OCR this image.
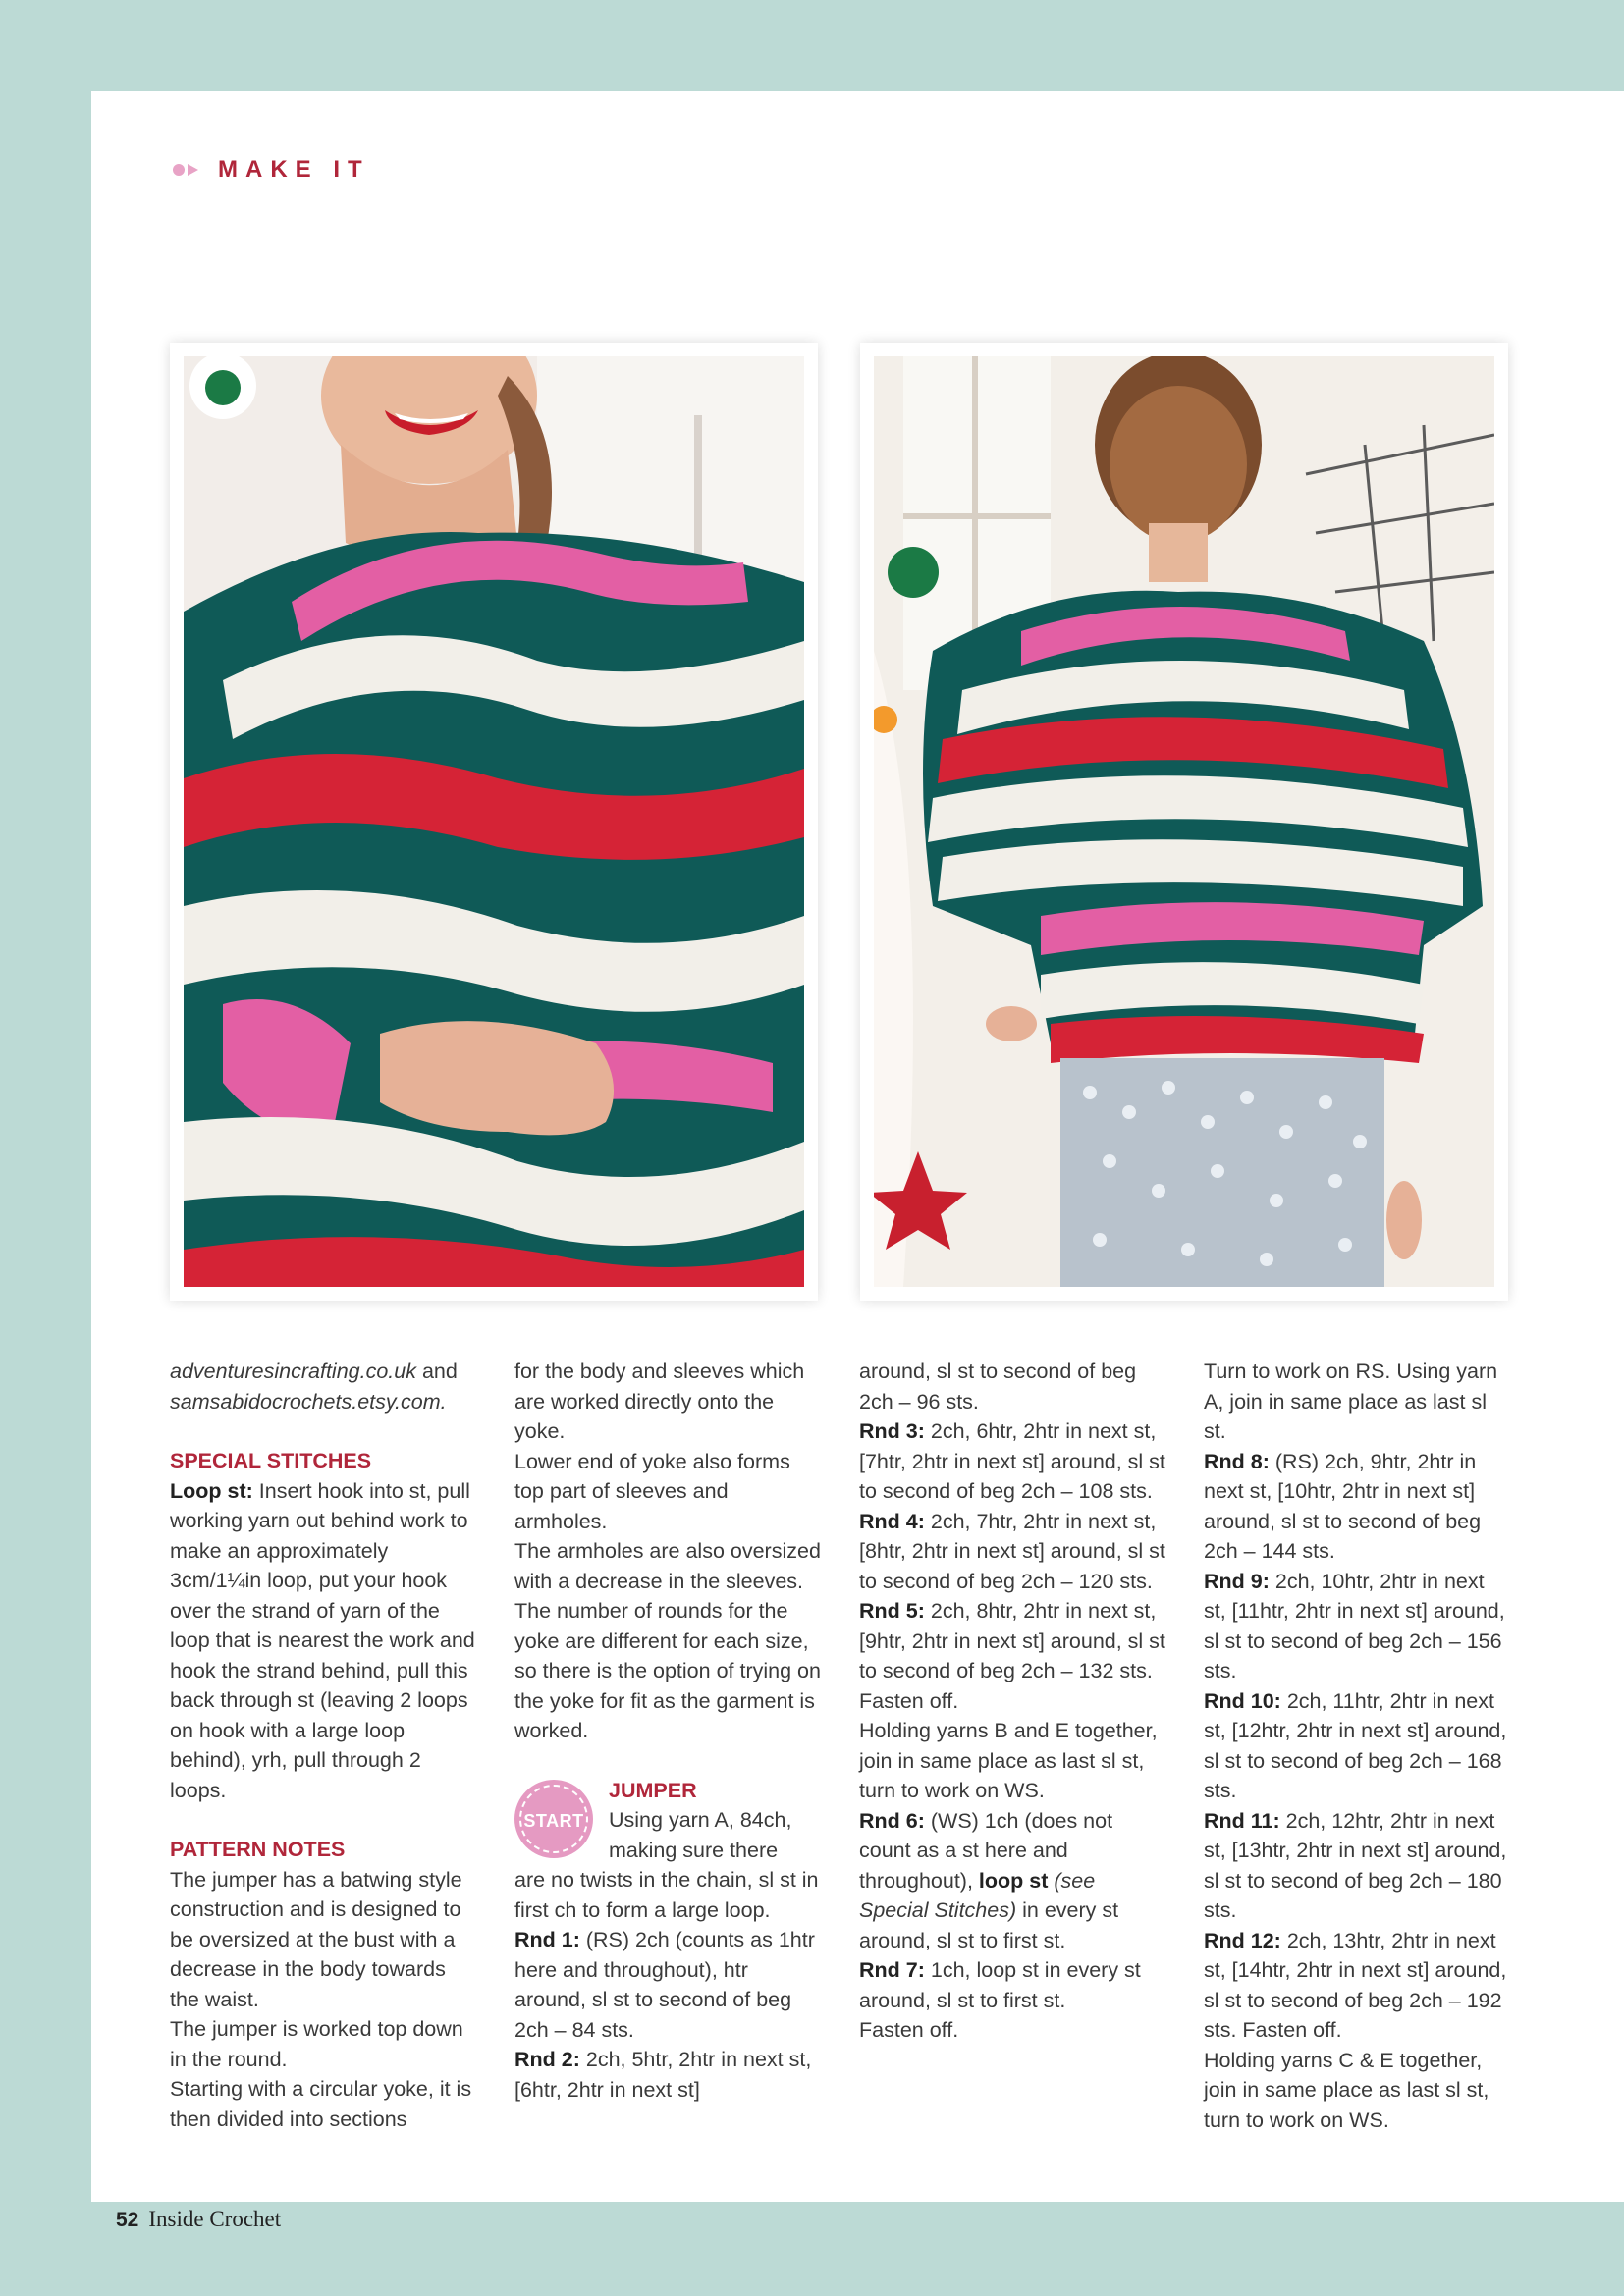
MAKE IT

adventuresincrafting.co.uk and samsabidocrochets.etsy.com.

SPECIAL STITCHES

Loop st: Insert hook into st, pull working yarn out behind work to make an approximately 3cm/1¼in loop, put your hook over the strand of yarn of the loop that is nearest the work and hook the strand behind, pull this back through st (leaving 2 loops on hook with a large loop behind), yrh, pull through 2 loops.

PATTERN NOTES

The jumper has a batwing style construction and is designed to be oversized at the bust with a decrease in the body towards the waist.

The jumper is worked top down in the round.

Starting with a circular yoke, it is then divided into sections

for the body and sleeves which are worked directly onto the yoke.

Lower end of yoke also forms top part of sleeves and armholes.

The armholes are also oversized with a decrease in the sleeves.

The number of rounds for the yoke are different for each size, so there is the option of trying on the yoke for fit as the garment is worked.

START

JUMPER
Using yarn A, 84ch, making sure there

are no twists in the chain, sl st in first ch to form a large loop.

Rnd 1: (RS) 2ch (counts as 1htr here and throughout), htr around, sl st to second of beg 2ch – 84 sts.

Rnd 2: 2ch, 5htr, 2htr in next st, [6htr, 2htr in next st]

around, sl st to second of beg 2ch – 96 sts.

Rnd 3: 2ch, 6htr, 2htr in next st, [7htr, 2htr in next st] around, sl st to second of beg 2ch – 108 sts.

Rnd 4: 2ch, 7htr, 2htr in next st, [8htr, 2htr in next st] around, sl st to second of beg 2ch – 120 sts.

Rnd 5: 2ch, 8htr, 2htr in next st, [9htr, 2htr in next st] around, sl st to second of beg 2ch – 132 sts.

Fasten off.

Holding yarns B and E together, join in same place as last sl st, turn to work on WS.

Rnd 6: (WS) 1ch (does not count as a st here and throughout), loop st (see Special Stitches) in every st around, sl st to first st.

Rnd 7: 1ch, loop st in every st around, sl st to first st.

Fasten off.

Turn to work on RS. Using yarn A, join in same place as last sl st.

Rnd 8: (RS) 2ch, 9htr, 2htr in next st, [10htr, 2htr in next st] around, sl st to second of beg 2ch – 144 sts.

Rnd 9: 2ch, 10htr, 2htr in next st, [11htr, 2htr in next st] around, sl st to second of beg 2ch – 156 sts.

Rnd 10: 2ch, 11htr, 2htr in next st, [12htr, 2htr in next st] around, sl st to second of beg 2ch – 168 sts.

Rnd 11: 2ch, 12htr, 2htr in next st, [13htr, 2htr in next st] around, sl st to second of beg 2ch – 180 sts.

Rnd 12: 2ch, 13htr, 2htr in next st, [14htr, 2htr in next st] around, sl st to second of beg 2ch – 192 sts. Fasten off.

Holding yarns C & E together, join in same place as last sl st, turn to work on WS.

52 Inside Crochet
